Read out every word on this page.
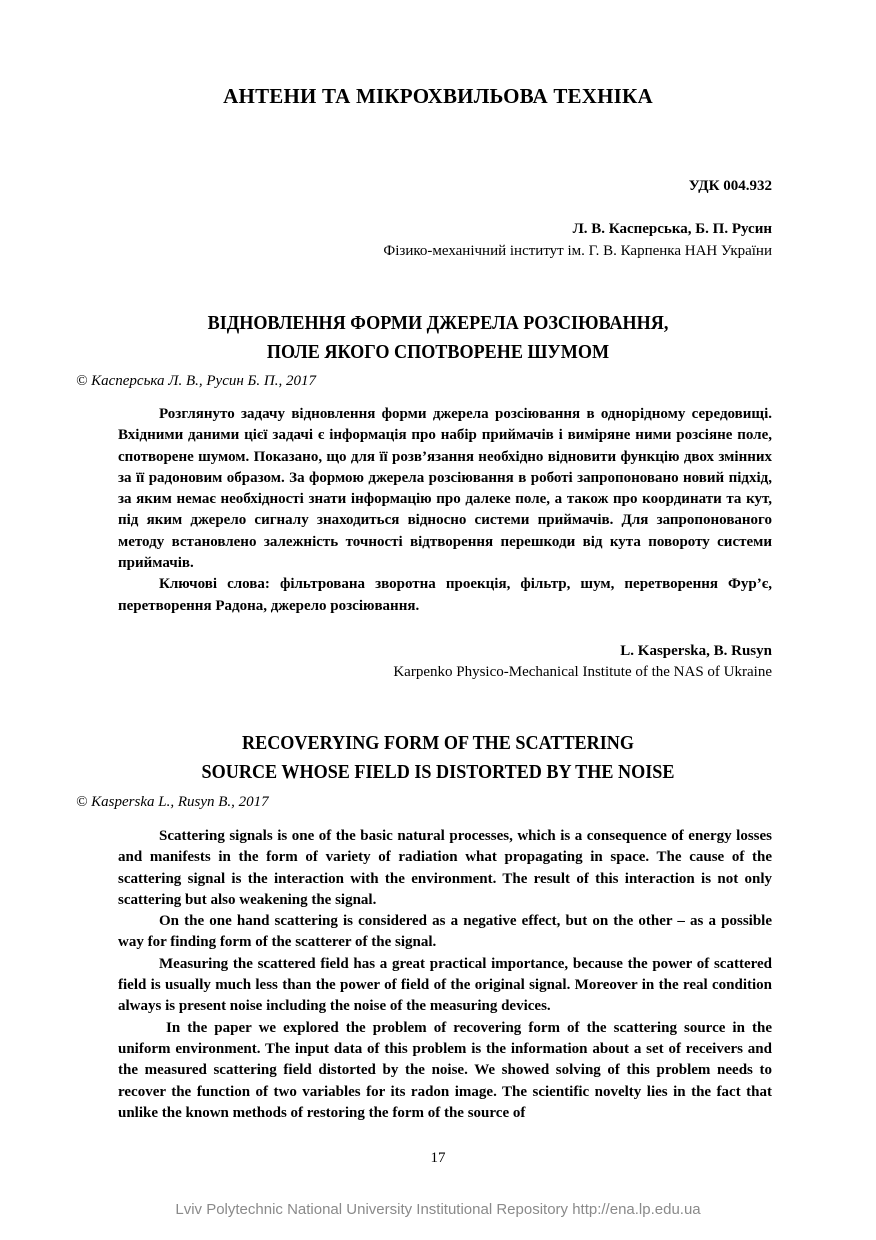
АНТЕНИ ТА МІКРОХВИЛЬОВА ТЕХНІКА
УДК 004.932
Л. В. Касперська, Б. П. Русин
Фізико-механічний інститут ім. Г. В. Карпенка НАН України
ВІДНОВЛЕННЯ ФОРМИ ДЖЕРЕЛА РОЗСІЮВАННЯ,
ПОЛЕ ЯКОГО СПОТВОРЕНЕ ШУМОМ
© Касперська Л. В., Русин Б. П., 2017

Розглянуто задачу відновлення форми джерела розсіювання в однорідному середовищі. Вхідними даними цієї задачі є інформація про набір приймачів і виміряне ними розсіяне поле, спотворене шумом. Показано, що для її розв’язання необхідно відновити функцію двох змінних за її радоновим образом. За формою джерела розсіювання в роботі запропоновано новий підхід, за яким немає необхідності знати інформацію про далеке поле, а також про координати та кут, під яким джерело сигналу знаходиться відносно системи приймачів. Для запропонованого методу встановлено залежність точності відтворення перешкоди від кута повороту системи приймачів.

Ключові слова: фільтрована зворотна проекція, фільтр, шум, перетворення Фур’є, перетворення Радона, джерело розсіювання.

L. Kasperska, B. Rusyn
Karpenko Physico-Mechanical Institute of the NAS of Ukraine
RECOVERYING FORM OF THE SCATTERING
SOURCE WHOSE FIELD IS DISTORTED BY THE NOISE
© Kasperska L., Rusyn B., 2017

Scattering signals is one of the basic natural processes, which is a consequence of energy losses and manifests in the form of variety of radiation what propagating in space. The cause of the scattering signal is the interaction with the environment. The result of this interaction is not only scattering but also weakening the signal.

On the one hand scattering is considered as a negative effect, but on the other – as a possible way for finding form of the scatterer of the signal.

Measuring the scattered field has a great practical importance, because the power of scattered field is usually much less than the power of field of the original signal. Moreover in the real condition always is present noise including the noise of the measuring devices.

In the paper we explored the problem of recovering form of the scattering source in the uniform environment. The input data of this problem is the information about a set of receivers and the measured scattering field distorted by the noise. We showed solving of this problem needs to recover the function of two variables for its radon image. The scientific novelty lies in the fact that unlike the known methods of restoring the form of the source of

17
Lviv Polytechnic National University Institutional Repository http://ena.lp.edu.ua
